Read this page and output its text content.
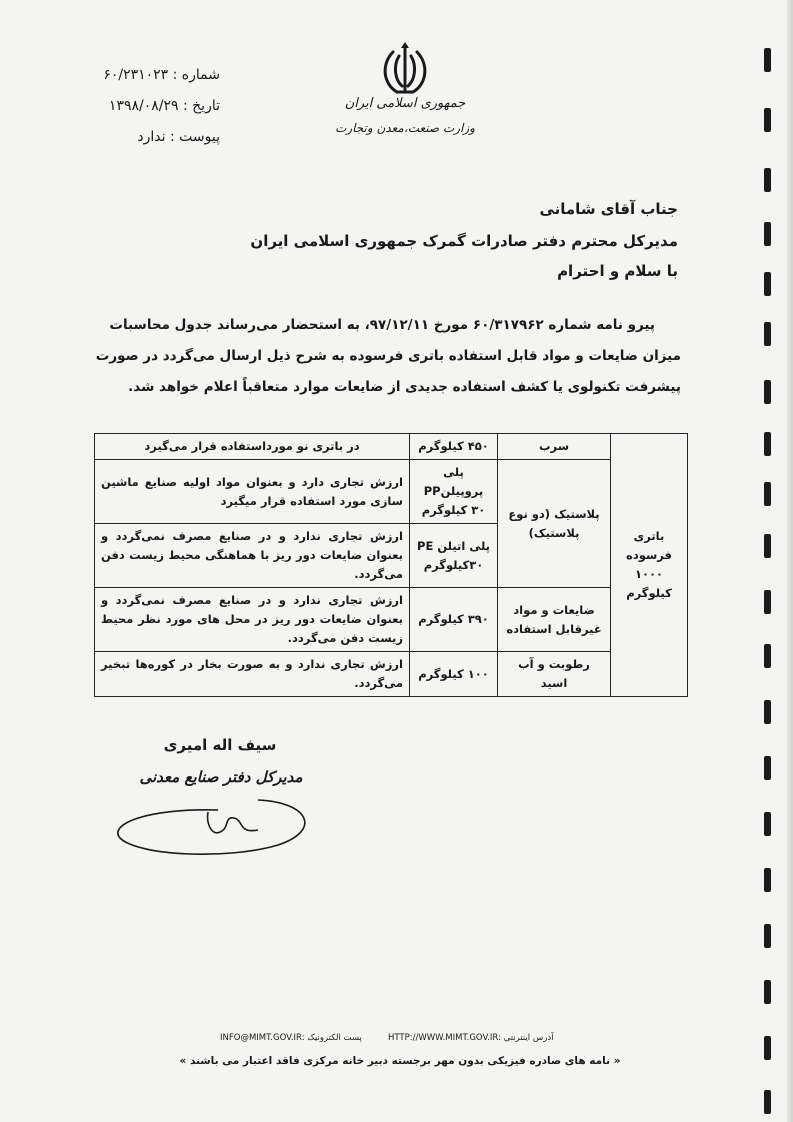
شماره : ۶۰/۲۳۱۰۲۳
تاریخ : ۱۳۹۸/۰۸/۲۹
پیوست : ندارد
جمهوری اسلامی ایران
وزارت صنعت،معدن وتجارت
جناب آقای شامانی
مدیرکل محترم دفتر صادرات گمرک جمهوری اسلامی ایران
با سلام و احترام
پیرو نامه شماره ۶۰/۳۱۷۹۶۲ مورخ ۹۷/۱۲/۱۱، به استحضار می‌رساند جدول محاسبات میزان ضایعات و مواد قابل استفاده باتری فرسوده به شرح ذیل ارسال می‌گردد در صورت پیشرفت تکنولوی یا کشف استفاده جدیدی از ضایعات موارد متعاقباً اعلام خواهد شد.
باتری فرسوده ۱۰۰۰ کیلوگرم	سرب	۴۵۰ کیلوگرم	در باتری نو مورداستفاده قرار می‌گیرد
	پلاستیک (دو نوع پلاستیک)	پلی پروپیلنPP ۳۰ کیلوگرم	ارزش تجاری دارد و بعنوان مواد اولیه صنایع ماشین سازی مورد استفاده قرار میگیرد
		پلی اتیلن PE ۳۰کیلوگرم	ارزش تجاری ندارد و در صنایع مصرف نمی‌گردد و بعنوان ضایعات دور ریز با هماهنگی محیط زیست دفن می‌گردد.
	ضایعات و مواد غیرقابل استفاده	۳۹۰ کیلوگرم	ارزش تجاری ندارد و در صنایع مصرف نمی‌گردد و بعنوان ضایعات دور ریز در محل های مورد نظر محیط زیست دفن می‌گردد.
	رطوبت و آب اسید	۱۰۰ کیلوگرم	ارزش تجاری ندارد و به صورت بخار در کوره‌ها تبخیر می‌گردد.
سیف اله امیری
مدیرکل دفتر صنایع معدنی
INFO@MIMT.GOV.IR: پست الکترونیک	HTTP://WWW.MIMT.GOV.IR: آدرس اینترنتی
« نامه های صادره فیزیکی بدون مهر برجسته دبیر خانه مرکزی فاقد اعتبار می باشند »
